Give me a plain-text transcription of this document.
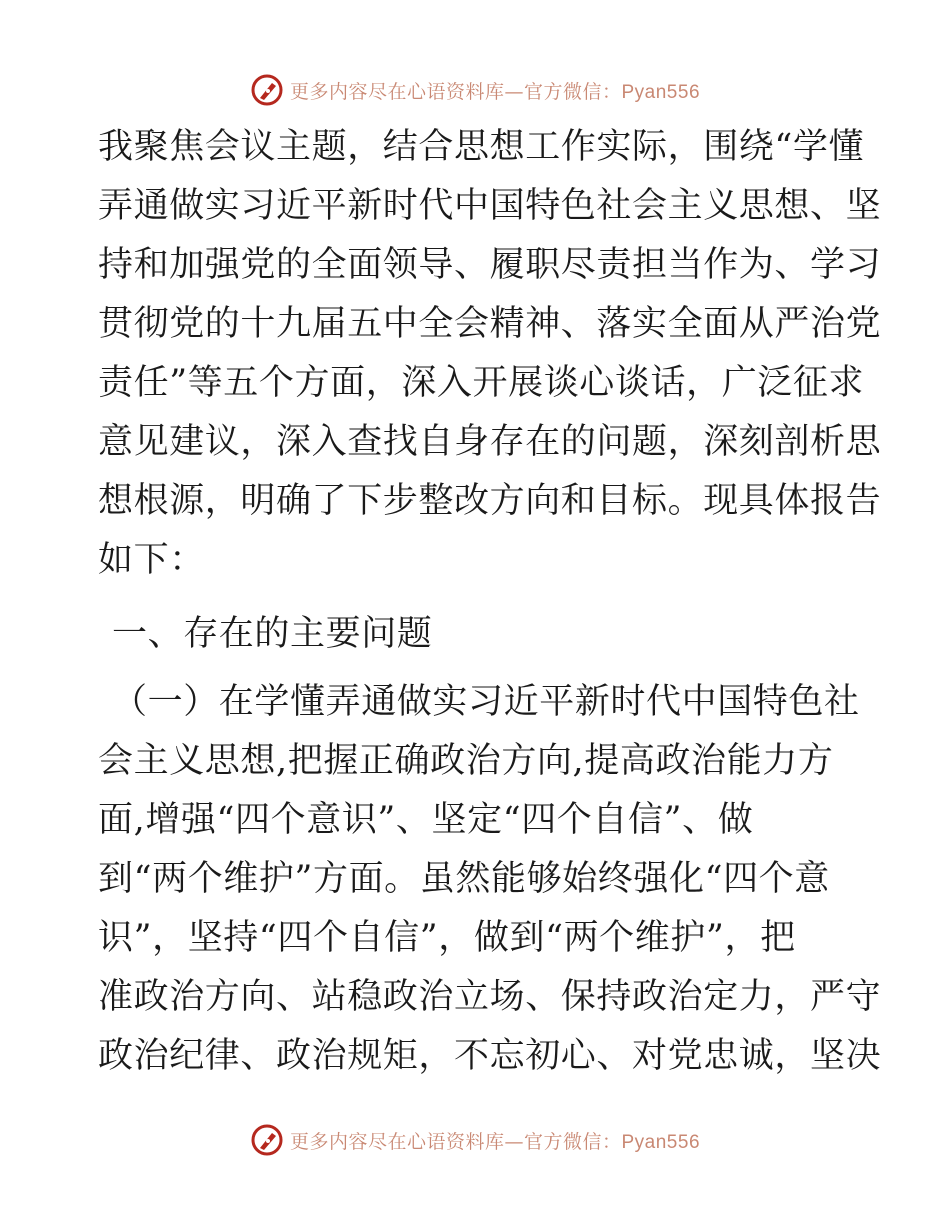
更多内容尽在心语资料库—官方微信：Pyan556
我聚焦会议主题，结合思想工作实际，围绕“学懂
弄通做实习近平新时代中国特色社会主义思想、坚
持和加强党的全面领导、履职尽责担当作为、学习
贯彻党的十九届五中全会精神、落实全面从严治党
责任”等五个方面，深入开展谈心谈话，广泛征求
意见建议，深入查找自身存在的问题，深刻剖析思
想根源，明确了下步整改方向和目标。现具体报告
如下：
一、存在的主要问题
（一）在学懂弄通做实习近平新时代中国特色社
会主义思想,把握正确政治方向,提高政治能力方
面,增强“四个意识”、坚定“四个自信”、做
到“两个维护”方面。虽然能够始终强化“四个意
识”，坚持“四个自信”，做到“两个维护”，把
准政治方向、站稳政治立场、保持政治定力，严守
政治纪律、政治规矩，不忘初心、对党忠诚，坚决
更多内容尽在心语资料库—官方微信：Pyan556
